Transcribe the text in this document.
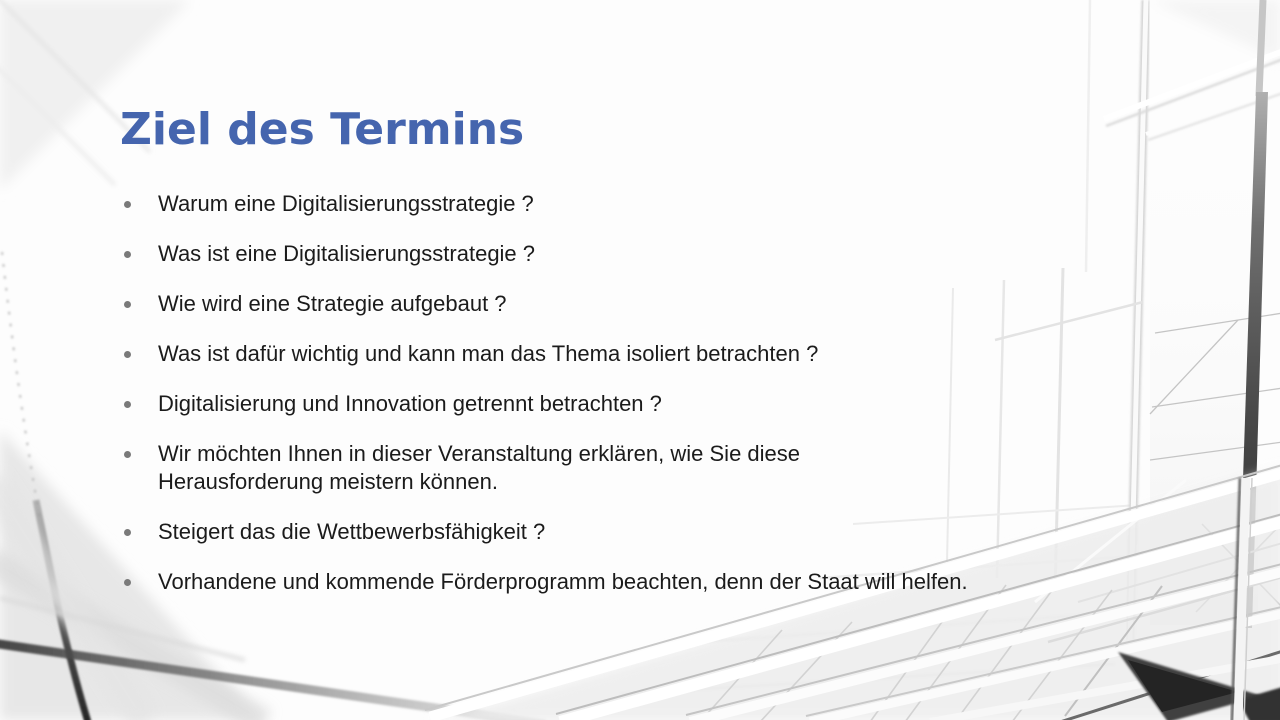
Ziel des Termins
Warum eine Digitalisierungsstrategie ?
Was ist eine Digitalisierungsstrategie ?
Wie wird eine Strategie aufgebaut ?
Was ist dafür wichtig und kann man das Thema isoliert betrachten ?
Digitalisierung und Innovation getrennt betrachten ?
Wir möchten Ihnen in dieser Veranstaltung erklären, wie Sie diese Herausforderung meistern können.
Steigert das die Wettbewerbsfähigkeit ?
Vorhandene und kommende Förderprogramm beachten, denn der Staat will helfen.
